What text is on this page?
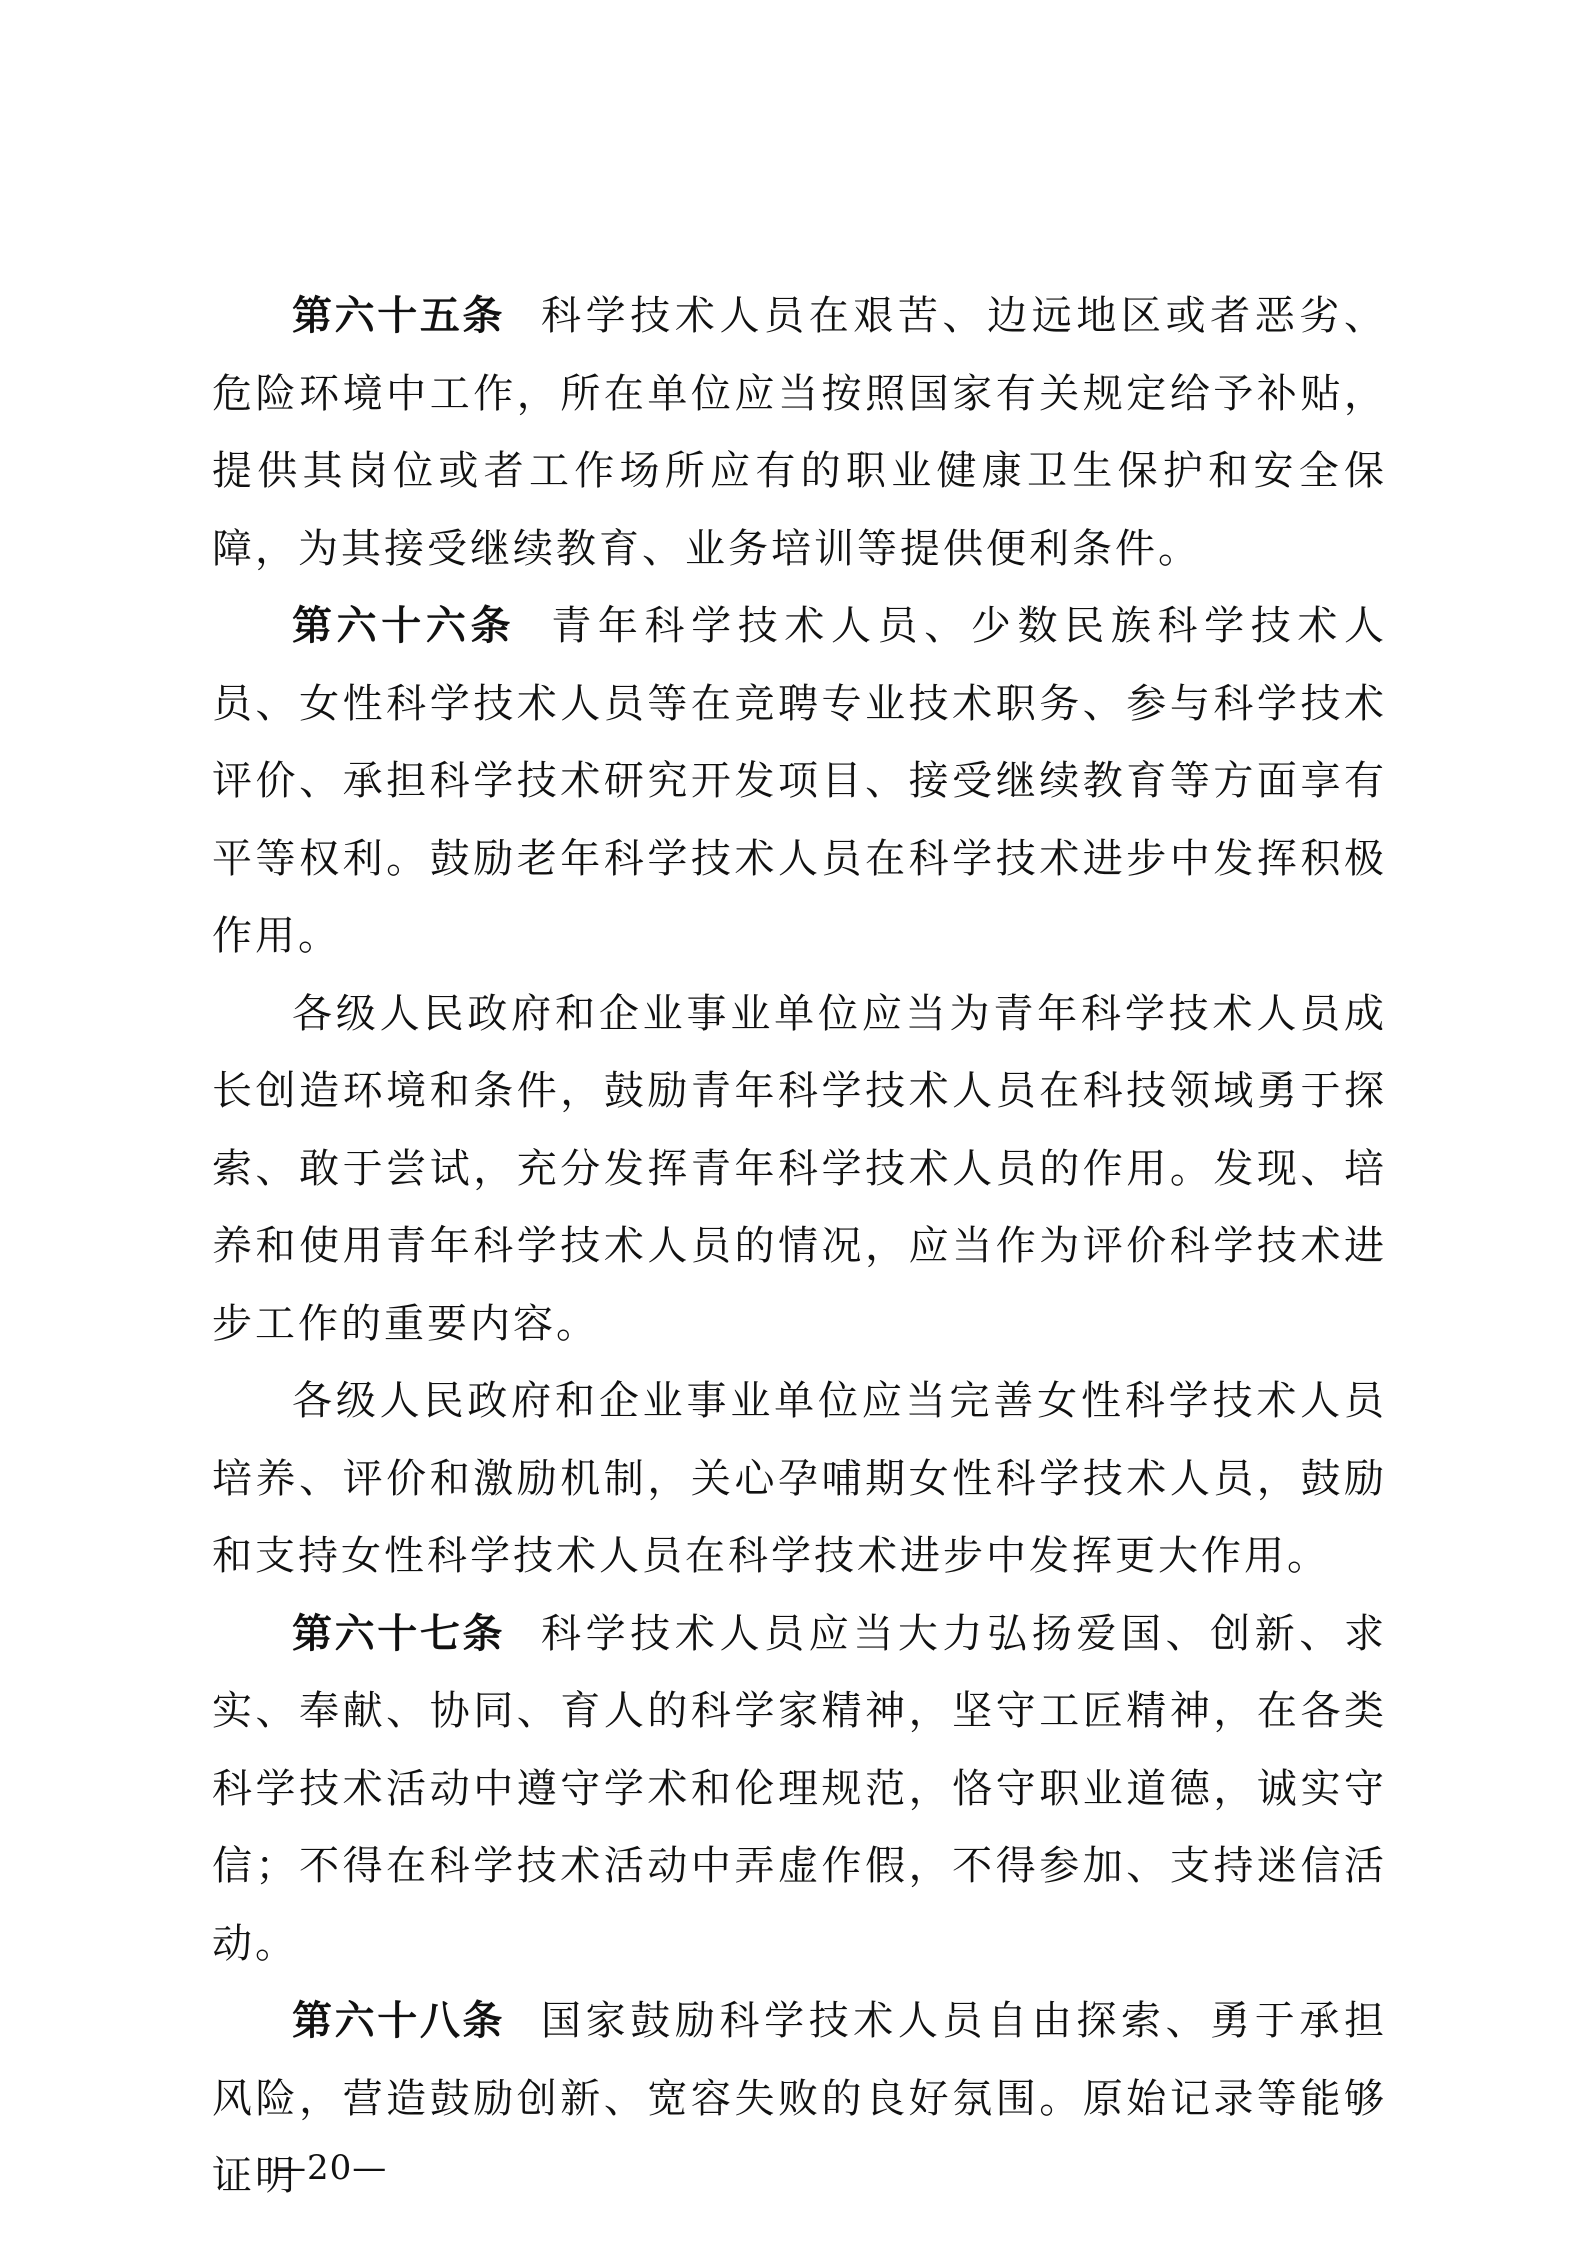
第六十五条 科学技术人员在艰苦、边远地区或者恶劣、危险环境中工作，所在单位应当按照国家有关规定给予补贴，提供其岗位或者工作场所应有的职业健康卫生保护和安全保障，为其接受继续教育、业务培训等提供便利条件。

第六十六条 青年科学技术人员、少数民族科学技术人员、女性科学技术人员等在竞聘专业技术职务、参与科学技术评价、承担科学技术研究开发项目、接受继续教育等方面享有平等权利。鼓励老年科学技术人员在科学技术进步中发挥积极作用。

各级人民政府和企业事业单位应当为青年科学技术人员成长创造环境和条件，鼓励青年科学技术人员在科技领域勇于探索、敢于尝试，充分发挥青年科学技术人员的作用。发现、培养和使用青年科学技术人员的情况，应当作为评价科学技术进步工作的重要内容。

各级人民政府和企业事业单位应当完善女性科学技术人员培养、评价和激励机制，关心孕哺期女性科学技术人员，鼓励和支持女性科学技术人员在科学技术进步中发挥更大作用。

第六十七条 科学技术人员应当大力弘扬爱国、创新、求实、奉献、协同、育人的科学家精神，坚守工匠精神，在各类科学技术活动中遵守学术和伦理规范，恪守职业道德，诚实守信；不得在科学技术活动中弄虚作假，不得参加、支持迷信活动。

第六十八条 国家鼓励科学技术人员自由探索、勇于承担风险，营造鼓励创新、宽容失败的良好氛围。原始记录等能够证明

—20—
